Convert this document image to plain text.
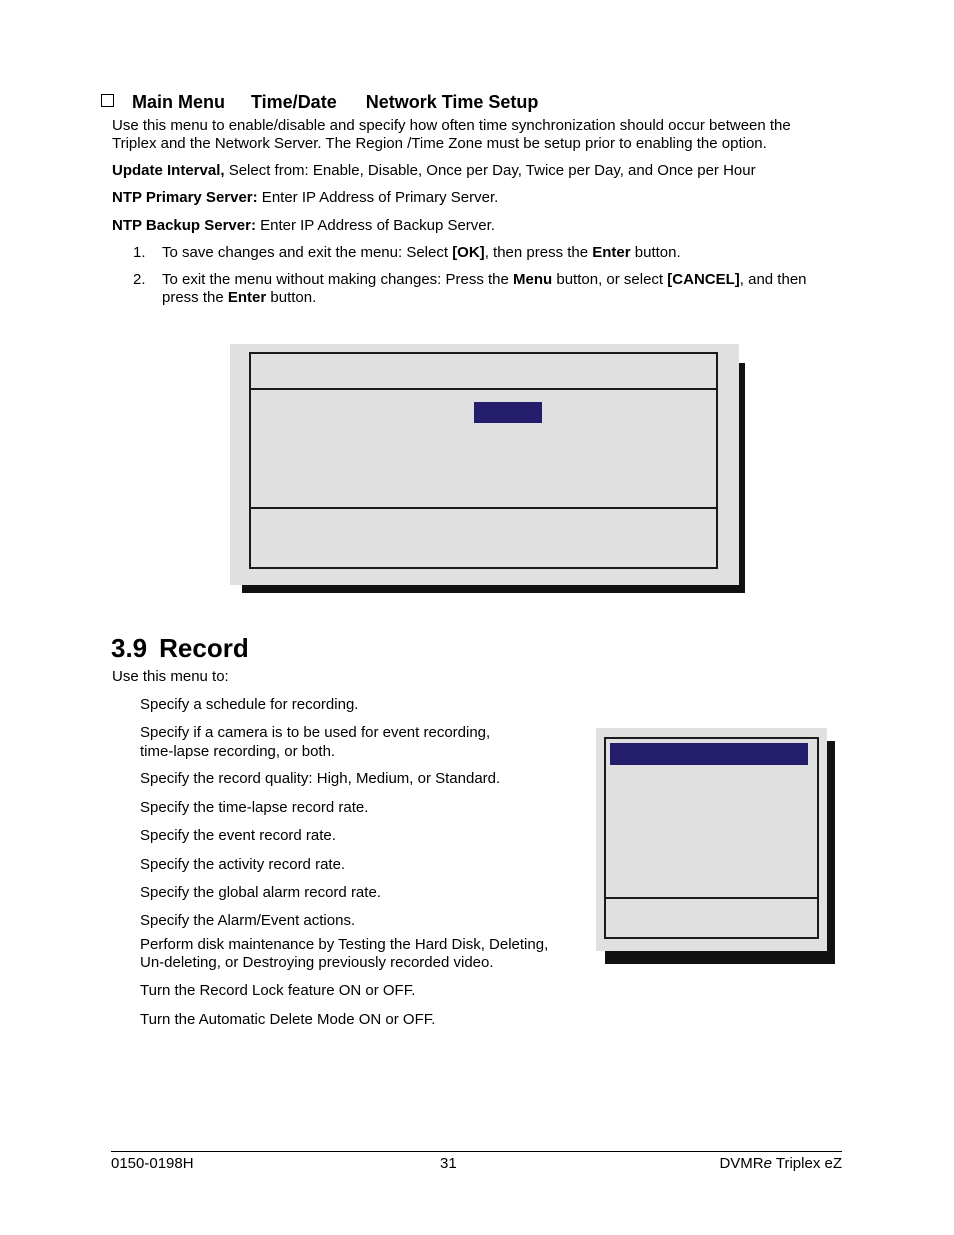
Main Menu Time/Date Network Time Setup
Use this menu to enable/disable and specify how often time synchronization should occur between the
Triplex and the Network Server. The Region /Time Zone must be setup prior to enabling the option.
Update Interval, Select from: Enable, Disable, Once per Day, Twice per Day, and Once per Hour
NTP Primary Server: Enter IP Address of Primary Server.
NTP Backup Server: Enter IP Address of Backup Server.
1. To save changes and exit the menu: Select [OK], then press the Enter button.
2. To exit the menu without making changes: Press the Menu button, or select [CANCEL], and then
press the Enter button.
3.9 Record
Use this menu to:
Specify a schedule for recording.
Specify if a camera is to be used for event recording,
time-lapse recording, or both.
Specify the record quality: High, Medium, or Standard.
Specify the time-lapse record rate.
Specify the event record rate.
Specify the activity record rate.
Specify the global alarm record rate.
Specify the Alarm/Event actions.
Perform disk maintenance by Testing the Hard Disk, Deleting,
Un-deleting, or Destroying previously recorded video.
Turn the Record Lock feature ON or OFF.
Turn the Automatic Delete Mode ON or OFF.
0150-0198H	31	DVMRe Triplex eZ
